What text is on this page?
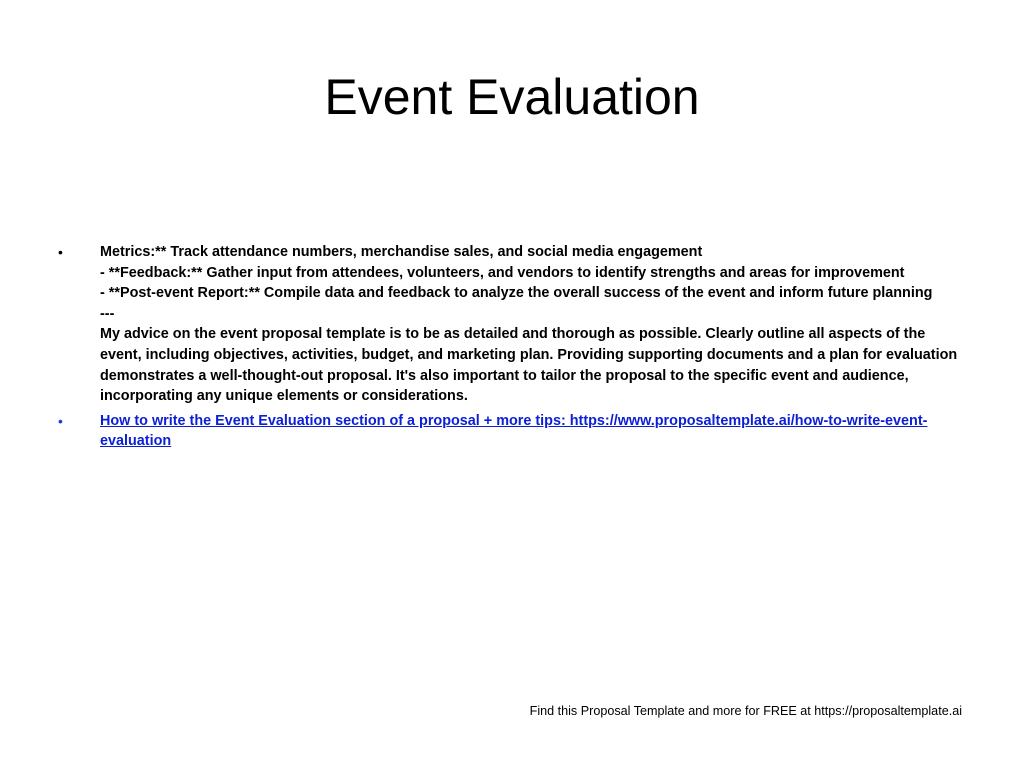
Event Evaluation
•	Metrics:** Track attendance numbers, merchandise sales, and social media engagement
- **Feedback:** Gather input from attendees, volunteers, and vendors to identify strengths and areas for improvement
- **Post-event Report:** Compile data and feedback to analyze the overall success of the event and inform future planning
---
My advice on the event proposal template is to be as detailed and thorough as possible. Clearly outline all aspects of the event, including objectives, activities, budget, and marketing plan. Providing supporting documents and a plan for evaluation demonstrates a well-thought-out proposal. It's also important to tailor the proposal to the specific event and audience, incorporating any unique elements or considerations.
•	How to write the Event Evaluation section of a proposal + more tips: https://www.proposaltemplate.ai/how-to-write-event-evaluation
Find this Proposal Template and more for FREE at https://proposaltemplate.ai
